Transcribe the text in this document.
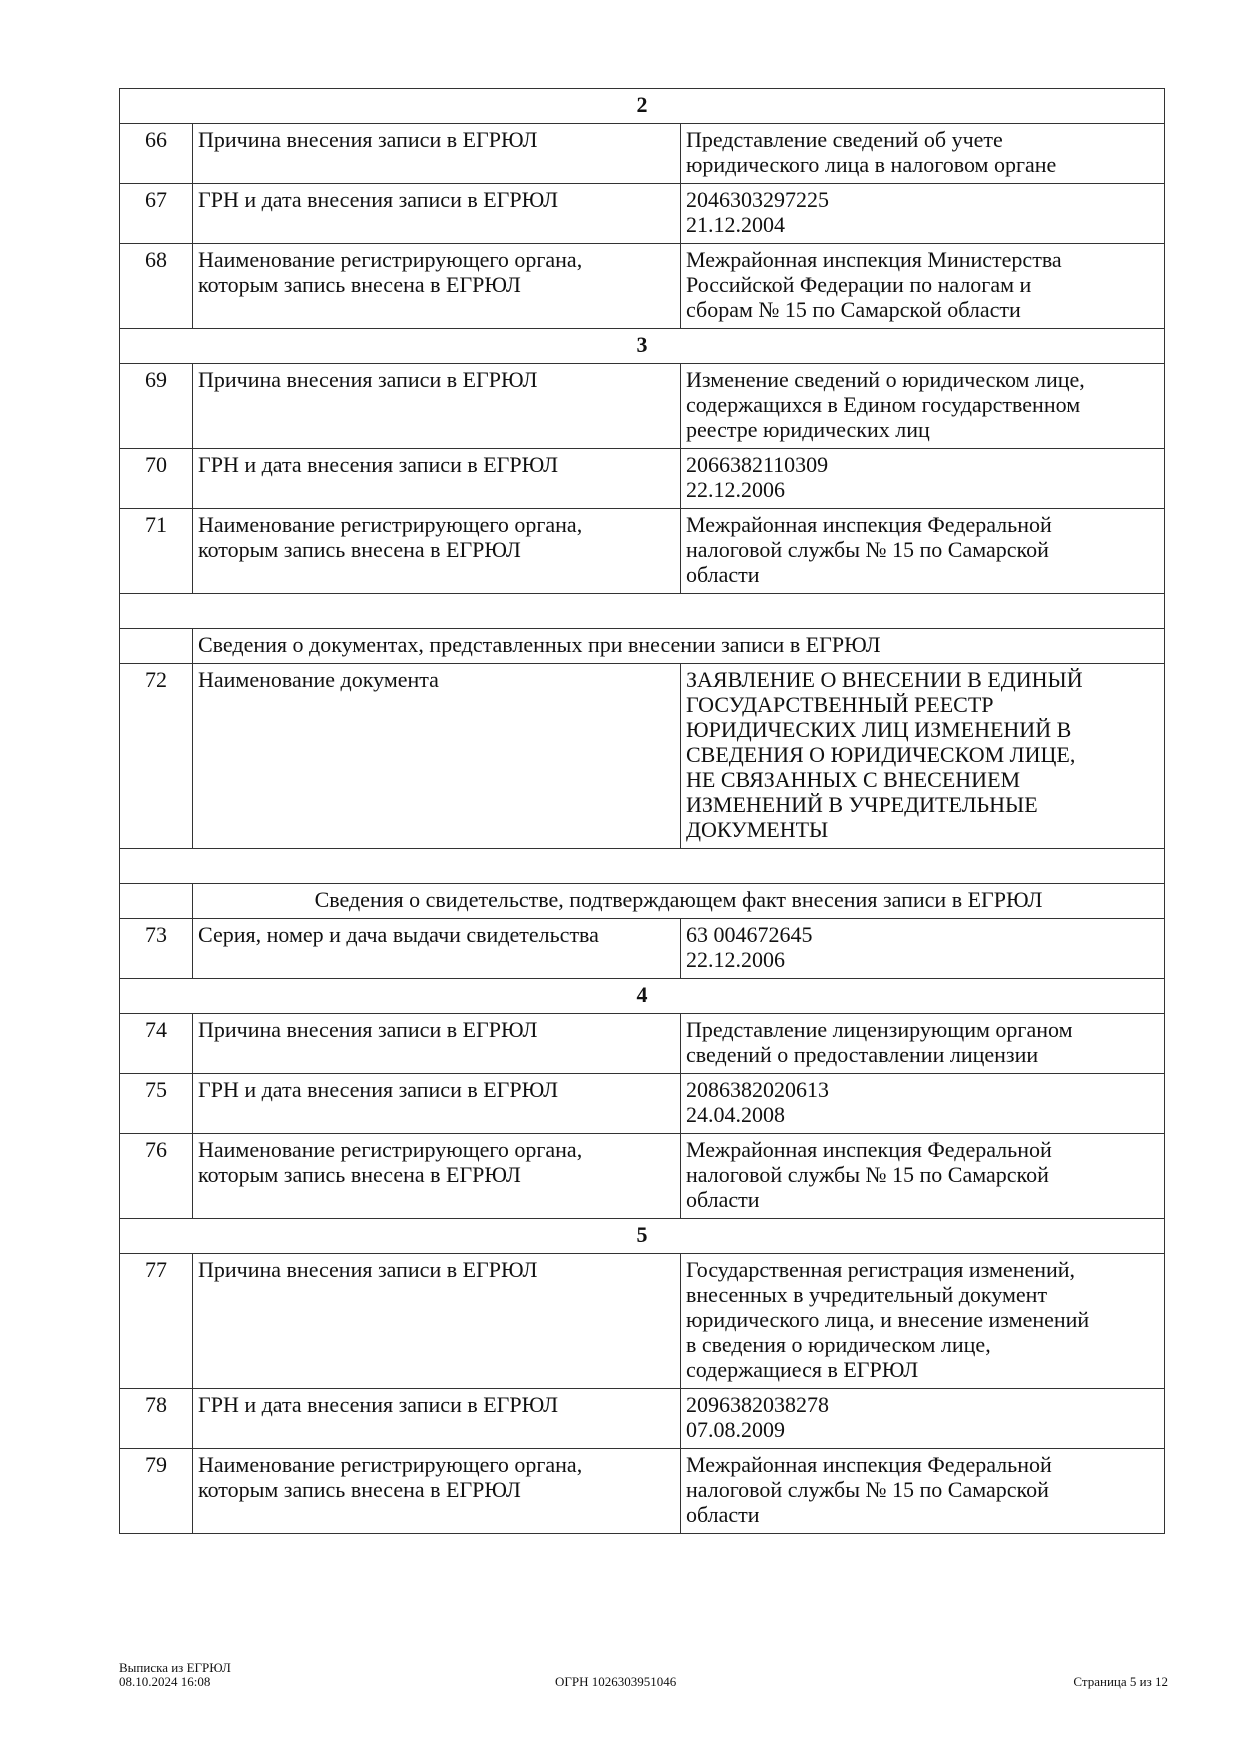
2		
66	Причина внесения записи в ЕГРЮЛ	Представление сведений об учете
юридического лица в налоговом органе

67	ГРН и дата внесения записи в ЕГРЮЛ	2046303297225
21.12.2004

68	Наименование регистрирующего органа,
которым запись внесена в ЕГРЮЛ	Межрайонная инспекция Министерства
Российской Федерации по налогам и
сборам № 15 по Самарской области

3		
69	Причина внесения записи в ЕГРЮЛ	Изменение сведений о юридическом лице,
содержащихся в Едином государственном
реестре юридических лиц

70	ГРН и дата внесения записи в ЕГРЮЛ	2066382110309
22.12.2006

71	Наименование регистрирующего органа,
которым запись внесена в ЕГРЮЛ	Межрайонная инспекция Федеральной
налоговой службы № 15 по Самарской
области

	Сведения о документах, представленных при внесении записи в ЕГРЮЛ	
72	Наименование документа	ЗАЯВЛЕНИЕ О ВНЕСЕНИИ В ЕДИНЫЙ
ГОСУДАРСТВЕННЫЙ РЕЕСТР
ЮРИДИЧЕСКИХ ЛИЦ ИЗМЕНЕНИЙ В
СВЕДЕНИЯ О ЮРИДИЧЕСКОМ ЛИЦЕ,
НЕ СВЯЗАННЫХ С ВНЕСЕНИЕМ
ИЗМЕНЕНИЙ В УЧРЕДИТЕЛЬНЫЕ
ДОКУМЕНТЫ

	Сведения о свидетельстве, подтверждающем факт внесения записи в ЕГРЮЛ	
73	Серия, номер и дача выдачи свидетельства	63 004672645
22.12.2006

4		
74	Причина внесения записи в ЕГРЮЛ	Представление лицензирующим органом
сведений о предоставлении лицензии

75	ГРН и дата внесения записи в ЕГРЮЛ	2086382020613
24.04.2008

76	Наименование регистрирующего органа,
которым запись внесена в ЕГРЮЛ	Межрайонная инспекция Федеральной
налоговой службы № 15 по Самарской
области

5		
77	Причина внесения записи в ЕГРЮЛ	Государственная регистрация изменений,
внесенных в учредительный документ
юридического лица, и внесение изменений
в сведения о юридическом лице,
содержащиеся в ЕГРЮЛ

78	ГРН и дата внесения записи в ЕГРЮЛ	2096382038278
07.08.2009

79	Наименование регистрирующего органа,
которым запись внесена в ЕГРЮЛ	Межрайонная инспекция Федеральной
налоговой службы № 15 по Самарской
области
Выписка из ЕГРЮЛ
08.10.2024 16:08	ОГРН 1026303951046	Страница 5 из 12
